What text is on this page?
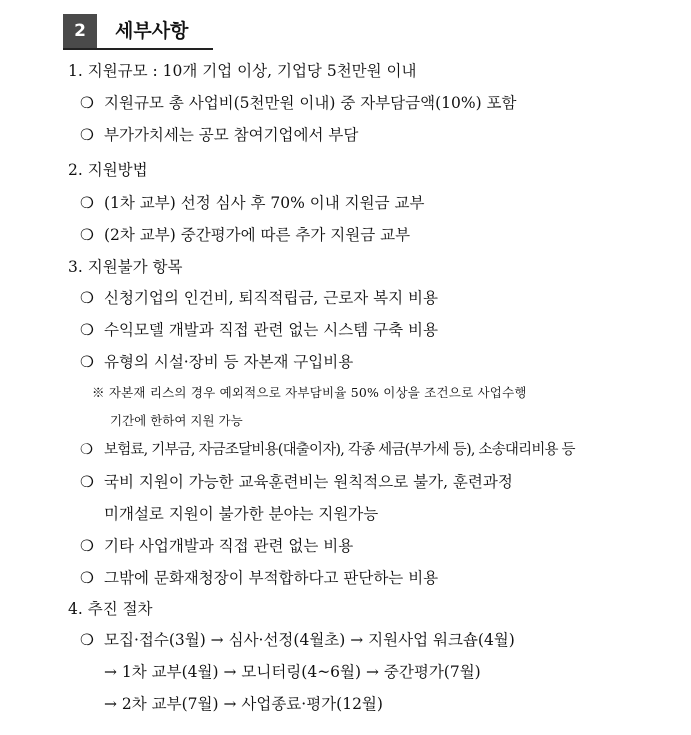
2	세부사항
1. 지원규모 : 10개 기업 이상, 기업당 5천만원 이내
❍ 지원규모 총 사업비(5천만원 이내) 중 자부담금액(10%) 포함
❍ 부가가치세는 공모 참여기업에서 부담
2. 지원방법
❍ (1차 교부) 선정 심사 후 70% 이내 지원금 교부
❍ (2차 교부) 중간평가에 따른 추가 지원금 교부
3. 지원불가 항목
❍ 신청기업의 인건비, 퇴직적립금, 근로자 복지 비용
❍ 수익모델 개발과 직접 관련 없는 시스템 구축 비용
❍ 유형의 시설·장비 등 자본재 구입비용
※ 자본재 리스의 경우 예외적으로 자부담비율 50% 이상을 조건으로 사업수행
기간에 한하여 지원 가능
❍ 보험료, 기부금, 자금조달비용(대출이자), 각종 세금(부가세 등), 소송대리비용 등
❍ 국비 지원이 가능한 교육훈련비는 원칙적으로 불가, 훈련과정
미개설로 지원이 불가한 분야는 지원가능
❍ 기타 사업개발과 직접 관련 없는 비용
❍ 그밖에 문화재청장이 부적합하다고 판단하는 비용
4. 추진 절차
❍ 모집·접수(3월) → 심사·선정(4월초) → 지원사업 워크숍(4월)
→ 1차 교부(4월) → 모니터링(4~6월) → 중간평가(7월)
→ 2차 교부(7월) → 사업종료·평가(12월)
